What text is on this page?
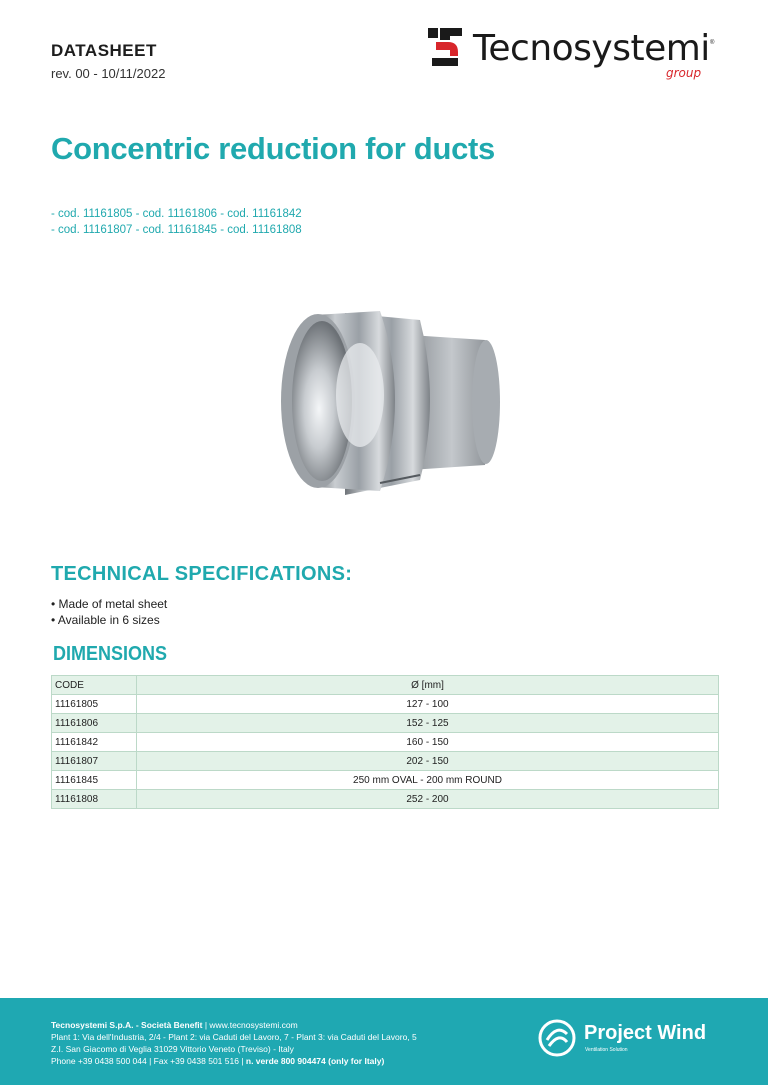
DATASHEET
rev. 00 - 10/11/2022
Tecnosystemi ®
group
Concentric reduction for ducts
- cod. 11161805 - cod. 11161806 - cod. 11161842
- cod. 11161807 - cod. 11161845 - cod. 11161808
TECHNICAL SPECIFICATIONS:
• Made of metal sheet
• Available in 6 sizes
DIMENSIONS
CODE	Ø [mm]
11161805	127 - 100
11161806	152 - 125
11161842	160 - 150
11161807	202 - 150
11161845	250 mm OVAL - 200 mm ROUND
11161808	252 - 200
Tecnosystemi S.p.A. - Società Benefit | www.tecnosystemi.com
Plant 1: Via dell'Industria, 2/4 - Plant 2: via Caduti del Lavoro, 7 - Plant 3: via Caduti del Lavoro, 5
Z.I. San Giacomo di Veglia 31029 Vittorio Veneto (Treviso) - Italy
Phone +39 0438 500 044 | Fax +39 0438 501 516 | n. verde 800 904474 (only for Italy)
Project Wind
Ventilation Solution
